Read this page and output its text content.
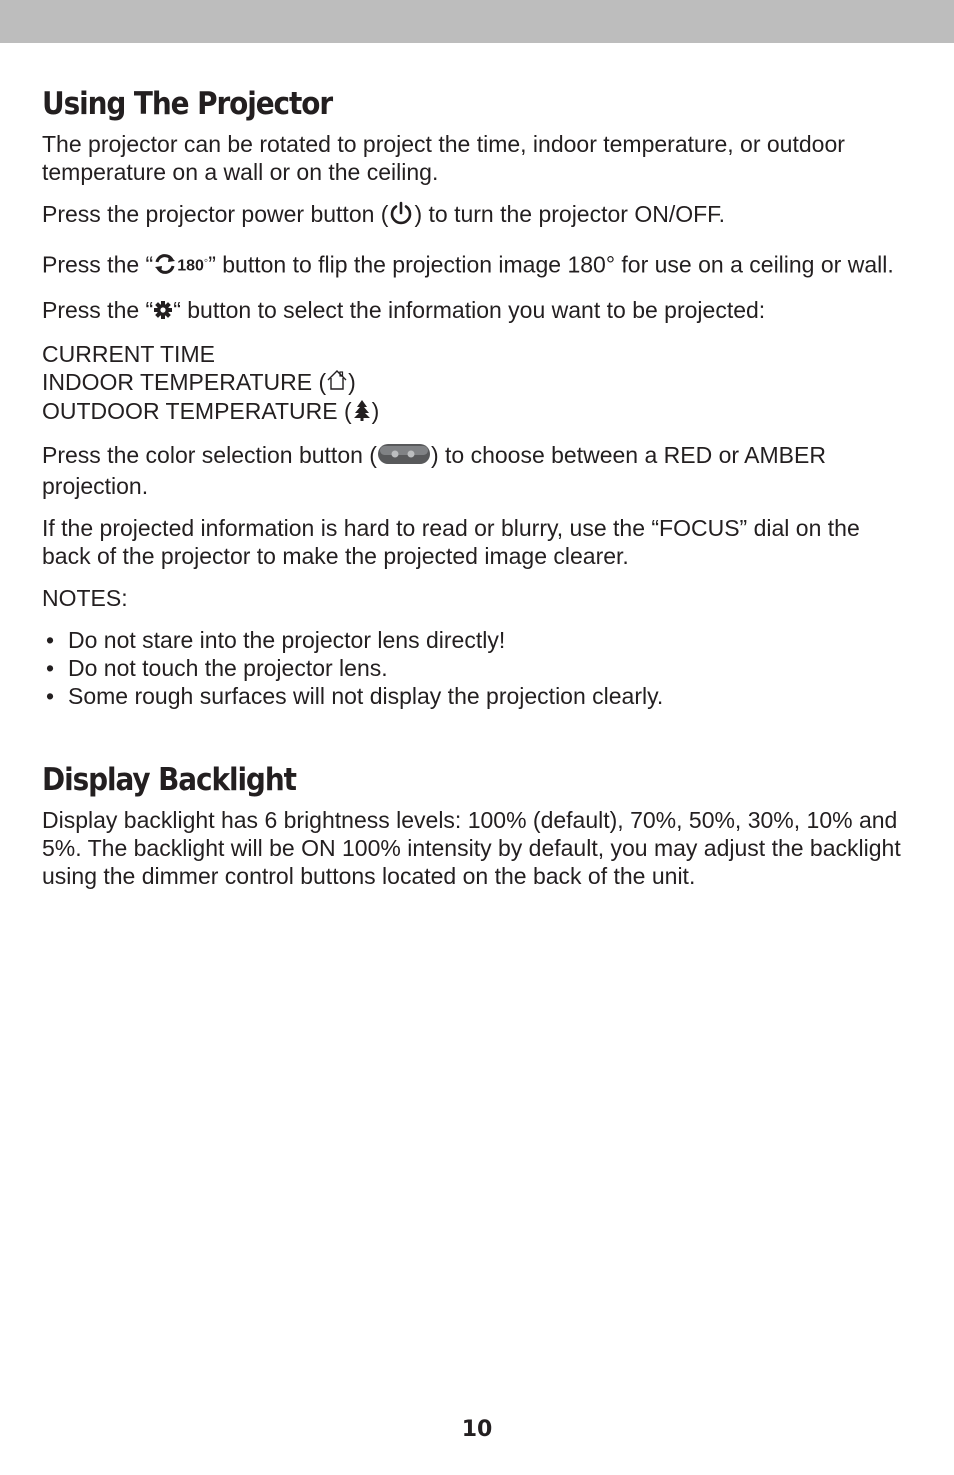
Using The Projector

The projector can be rotated to project the time, indoor temperature, or outdoor temperature on a wall or on the ceiling.

Press the projector power button ( ) to turn the projector ON/OFF.

Press the “ 180◦” button to flip the projection image 180° for use on a ceiling or wall.

Press the “ “ button to select the information you want to be projected:

CURRENT TIME
INDOOR TEMPERATURE ( )
OUTDOOR TEMPERATURE ( )

Press the color selection button ( ) to choose between a RED or AMBER projection.

If the projected information is hard to read or blurry, use the “FOCUS” dial on the back of the projector to make the projected image clearer.

NOTES:

• Do not stare into the projector lens directly!
• Do not touch the projector lens.
• Some rough surfaces will not display the projection clearly.
Display Backlight

Display backlight has 6 brightness levels: 100% (default), 70%, 50%, 30%, 10% and 5%. The backlight will be ON 100% intensity by default, you may adjust the backlight using the dimmer control buttons located on the back of the unit.

10
